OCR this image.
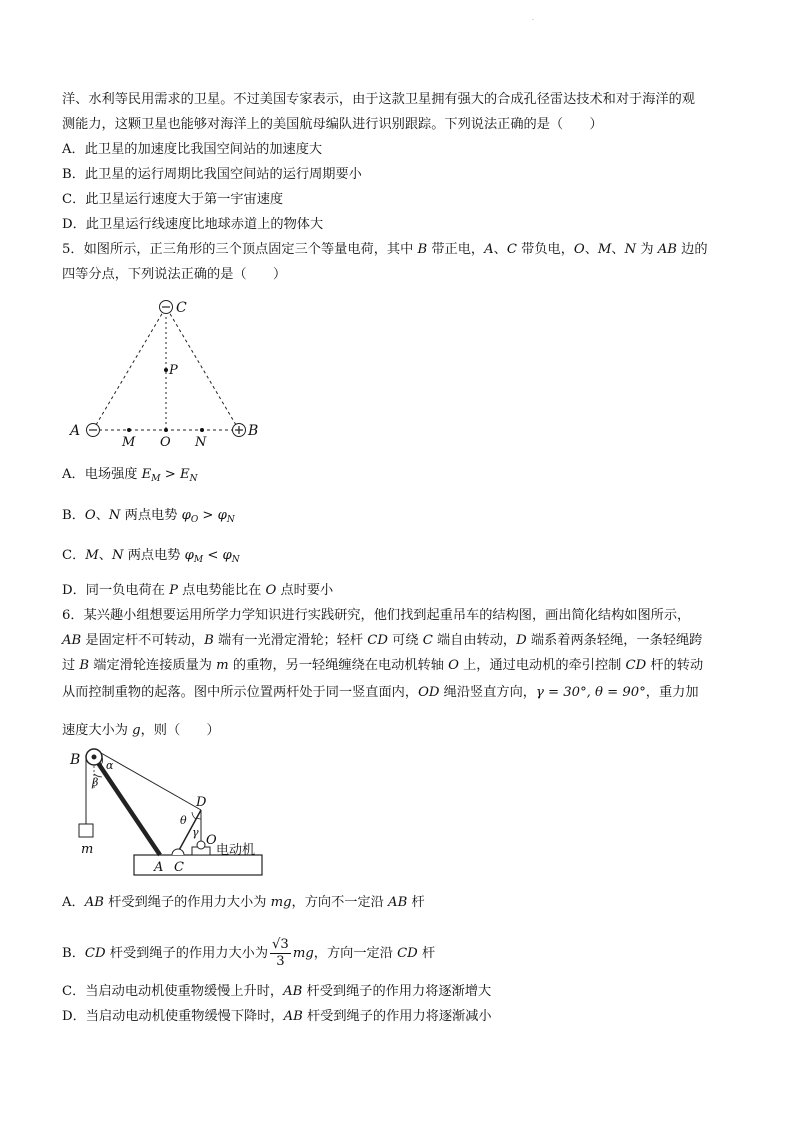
·
洋、水利等民用需求的卫星。不过美国专家表示，由于这款卫星拥有强大的合成孔径雷达技术和对于海洋的观
测能力，这颗卫星也能够对海洋上的美国航母编队进行识别跟踪。下列说法正确的是（　　）
A．此卫星的加速度比我国空间站的加速度大
B．此卫星的运行周期比我国空间站的运行周期要小
C．此卫星运行速度大于第一宇宙速度
D．此卫星运行线速度比地球赤道上的物体大
5．如图所示，正三角形的三个顶点固定三个等量电荷，其中 B 带正电，A、C 带负电，O、M、N 为 AB 边的
四等分点，下列说法正确的是（　　）
C
P
A
M O N
B
A．电场强度 $E_M > E_N$
B．O、N 两点电势 $\varphi_O > \varphi_N$
C．M、N 两点电势 $\varphi_M < \varphi_N$
D．同一负电荷在 P 点电势能比在 O 点时要小
6．某兴趣小组想要运用所学力学知识进行实践研究，他们找到起重吊车的结构图，画出简化结构如图所示，
AB 是固定杆不可转动，B 端有一光滑定滑轮；轻杆 CD 可绕 C 端自由转动，D 端系着两条轻绳，一条轻绳跨
过 B 端定滑轮连接质量为 m 的重物，另一轻绳缠绕在电动机转轴 O 上，通过电动机的牵引控制 CD 杆的转动
从而控制重物的起落。图中所示位置两杆处于同一竖直面内，OD 绳沿竖直方向，γ = 30°, θ = 90°，重力加
速度大小为 g，则（　　）
B α
β
D
θ
γ
O
电动机
m
A C
A．AB 杆受到绳子的作用力大小为 mg，方向不一定沿 AB 杆
B．CD 杆受到绳子的作用力大小为 $\frac{√3}{3}$ mg，方向一定沿 CD 杆
C．当启动电动机使重物缓慢上升时，AB 杆受到绳子的作用力将逐渐增大
D．当启动电动机使重物缓慢下降时，AB 杆受到绳子的作用力将逐渐减小
